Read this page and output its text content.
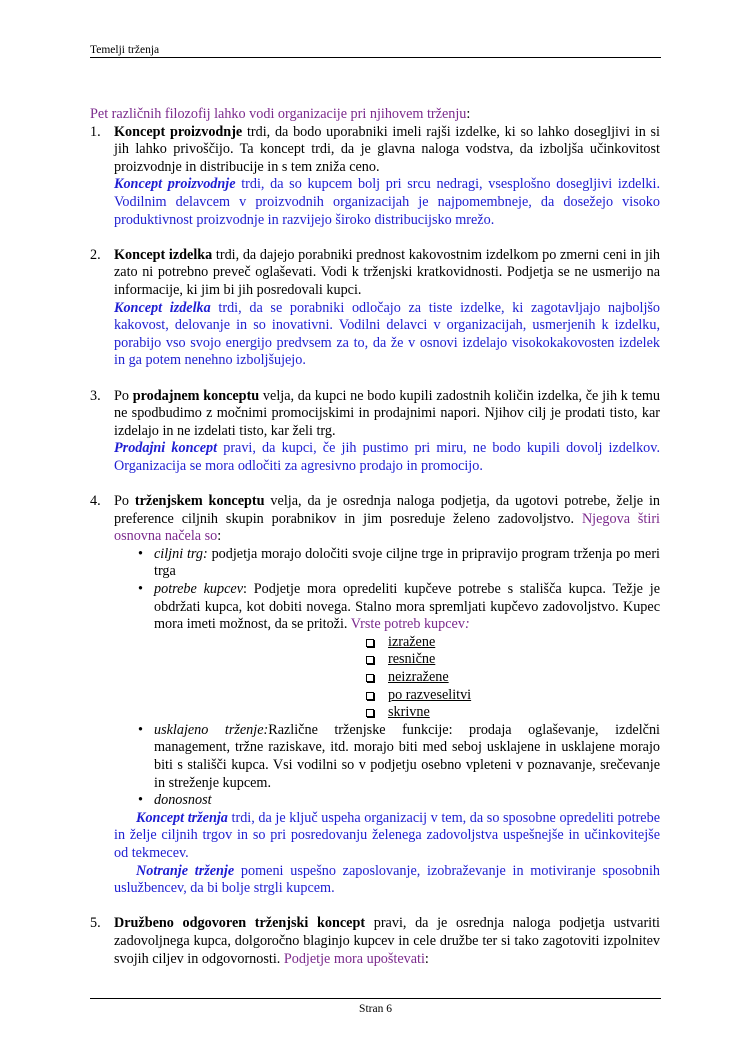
Temelji trženja

Pet različnih filozofij lahko vodi organizacije pri njihovem trženju:

1. Koncept proizvodnje trdi, da bodo uporabniki imeli rajši izdelke, ki so lahko dosegljivi in si jih lahko privoščijo. Ta koncept trdi, da je glavna naloga vodstva, da izboljša učinkovitost proizvodnje in distribucije in s tem zniža ceno.

Koncept proizvodnje trdi, da so kupcem bolj pri srcu nedragi, vsesplošno dosegljivi izdelki. Vodilnim delavcem v proizvodnih organizacijah je najpomembneje, da dosežejo visoko produktivnost proizvodnje in razvijejo široko distribucijsko mrežo.

2. Koncept izdelka trdi, da dajejo porabniki prednost kakovostnim izdelkom po zmerni ceni in jih zato ni potrebno preveč oglaševati. Vodi k trženjski kratkovidnosti. Podjetja se ne usmerijo na informacije, ki jim bi jih posredovali kupci.

Koncept izdelka trdi, da se porabniki odločajo za tiste izdelke, ki zagotavljajo najboljšo kakovost, delovanje in so inovativni. Vodilni delavci v organizacijah, usmerjenih k izdelku, porabijo vso svojo energijo predvsem za to, da že v osnovi izdelajo visokokakovosten izdelek in ga potem nenehno izboljšujejo.

3. Po prodajnem konceptu velja, da kupci ne bodo kupili zadostnih količin izdelka, če jih k temu ne spodbudimo z močnimi promocijskimi in prodajnimi napori. Njihov cilj je prodati tisto, kar izdelajo in ne izdelati tisto, kar želi trg.

Prodajni koncept pravi, da kupci, če jih pustimo pri miru, ne bodo kupili dovolj izdelkov. Organizacija se mora odločiti za agresivno prodajo in promocijo.

4. Po trženjskem konceptu velja, da je osrednja naloga podjetja, da ugotovi potrebe, želje in preference ciljnih skupin porabnikov in jim posreduje želeno zadovoljstvo. Njegova štiri osnovna načela so:

• ciljni trg: podjetja morajo določiti svoje ciljne trge in pripravijo program trženja po meri trga
• potrebe kupcev: Podjetje mora opredeliti kupčeve potrebe s stališča kupca. Težje je obdržati kupca, kot dobiti novega. Stalno mora spremljati kupčevo zadovoljstvo. Kupec mora imeti možnost, da se pritoži. Vrste potreb kupcev:
izražene
resnične
neizražene
po razveselitvi
skrivne
• usklajeno trženje:Različne trženjske funkcije: prodaja oglaševanje, izdelčni management, tržne raziskave, itd. morajo biti med seboj usklajene in usklajene morajo biti s stališči kupca. Vsi vodilni so v podjetju osebno vpleteni v poznavanje, srečevanje in streženje kupcem.
• donosnost

Koncept trženja trdi, da je ključ uspeha organizacij v tem, da so sposobne opredeliti potrebe in želje ciljnih trgov in so pri posredovanju želenega zadovoljstva uspešnejše in učinkovitejše od tekmecev.

Notranje trženje pomeni uspešno zaposlovanje, izobraževanje in motiviranje sposobnih uslužbencev, da bi bolje strgli kupcem.

5. Družbeno odgovoren trženjski koncept pravi, da je osrednja naloga podjetja ustvariti zadovoljnega kupca, dolgoročno blaginjo kupcev in cele družbe ter si tako zagotoviti izpolnitev svojih ciljev in odgovornosti. Podjetje mora upoštevati:

Stran 6
